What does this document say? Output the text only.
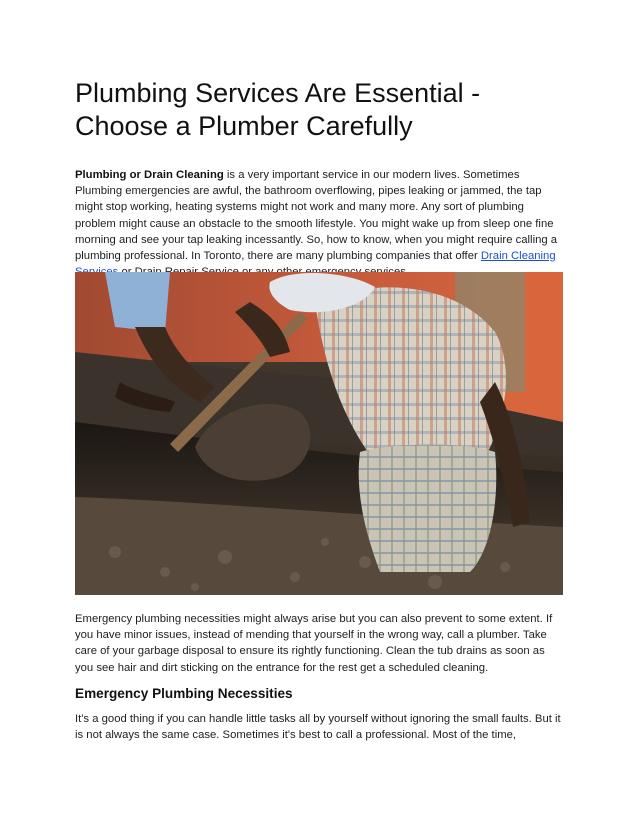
Plumbing Services Are Essential - Choose a Plumber Carefully

Plumbing or Drain Cleaning is a very important service in our modern lives. Sometimes Plumbing emergencies are awful, the bathroom overflowing, pipes leaking or jammed, the tap might stop working, heating systems might not work and many more. Any sort of plumbing problem might cause an obstacle to the smooth lifestyle. You might wake up from sleep one fine morning and see your tap leaking incessantly. So, how to know, when you might require calling a plumbing professional. In Toronto, there are many plumbing companies that offer Drain Cleaning

Emergency plumbing necessities might always arise but you can also prevent to some extent. If you have minor issues, instead of mending that yourself in the wrong way, call a plumber. Take care of your garbage disposal to ensure its rightly functioning. Clean the tub drains as soon as you see hair and dirt sticking on the entrance for the rest get a scheduled cleaning.

Emergency Plumbing Necessities

It's a good thing if you can handle little tasks all by yourself without ignoring the small faults. But it is not always the same case. Sometimes it's best to call a professional. Most of the time,
